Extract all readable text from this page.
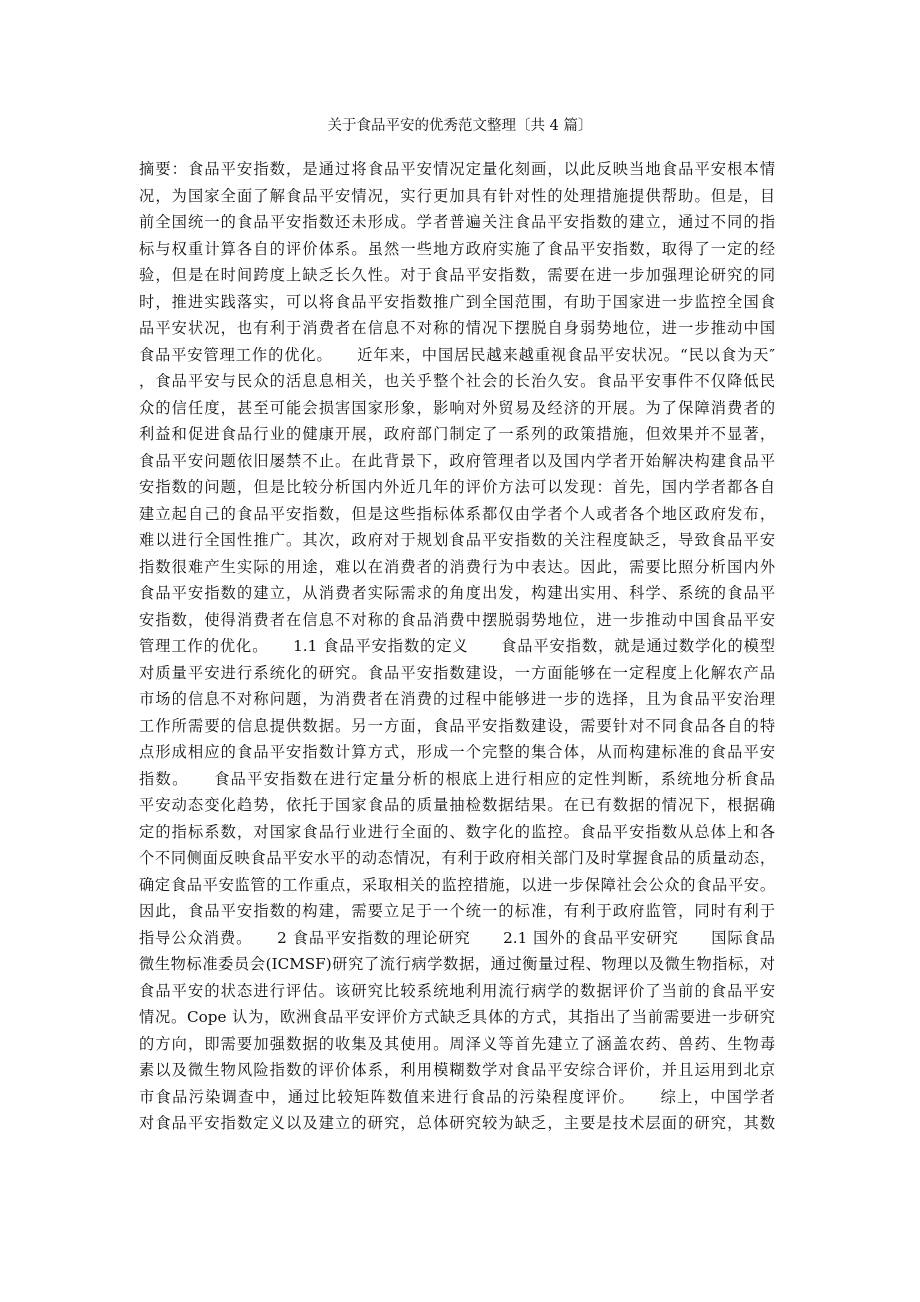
关于食品平安的优秀范文整理〔共 4 篇〕
摘要：食品平安指数，是通过将食品平安情况定量化刻画，以此反映当地食品平安根本情
况，为国家全面了解食品平安情况，实行更加具有针对性的处理措施提供帮助。但是，目
前全国统一的食品平安指数还未形成。学者普遍关注食品平安指数的建立，通过不同的指
标与权重计算各自的评价体系。虽然一些地方政府实施了食品平安指数，取得了一定的经
验，但是在时间跨度上缺乏长久性。对于食品平安指数，需要在进一步加强理论研究的同
时，推进实践落实，可以将食品平安指数推广到全国范围，有助于国家进一步监控全国食
品平安状况，也有利于消费者在信息不对称的情况下摆脱自身弱势地位，进一步推动中国
食品平安管理工作的优化。　　近年来，中国居民越来越重视食品平安状况。“民以食为天″
，食品平安与民众的活息息相关，也关乎整个社会的长治久安。食品平安事件不仅降低民
众的信任度，甚至可能会损害国家形象，影响对外贸易及经济的开展。为了保障消费者的
利益和促进食品行业的健康开展，政府部门制定了一系列的政策措施，但效果并不显著，
食品平安问题依旧屡禁不止。在此背景下，政府管理者以及国内学者开始解决构建食品平
安指数的问题，但是比较分析国内外近几年的评价方法可以发现：首先，国内学者都各自
建立起自己的食品平安指数，但是这些指标体系都仅由学者个人或者各个地区政府发布，
难以进行全国性推广。其次，政府对于规划食品平安指数的关注程度缺乏，导致食品平安
指数很难产生实际的用途，难以在消费者的消费行为中表达。因此，需要比照分析国内外
食品平安指数的建立，从消费者实际需求的角度出发，构建出实用、科学、系统的食品平
安指数，使得消费者在信息不对称的食品消费中摆脱弱势地位，进一步推动中国食品平安
管理工作的优化。　　1.1 食品平安指数的定义　　食品平安指数，就是通过数学化的模型
对质量平安进行系统化的研究。食品平安指数建设，一方面能够在一定程度上化解农产品
市场的信息不对称问题，为消费者在消费的过程中能够进一步的选择，且为食品平安治理
工作所需要的信息提供数据。另一方面，食品平安指数建设，需要针对不同食品各自的特
点形成相应的食品平安指数计算方式，形成一个完整的集合体，从而构建标准的食品平安
指数。　　食品平安指数在进行定量分析的根底上进行相应的定性判断，系统地分析食品
平安动态变化趋势，依托于国家食品的质量抽检数据结果。在已有数据的情况下，根据确
定的指标系数，对国家食品行业进行全面的、数字化的监控。食品平安指数从总体上和各
个不同侧面反映食品平安水平的动态情况，有利于政府相关部门及时掌握食品的质量动态，
确定食品平安监管的工作重点，采取相关的监控措施，以进一步保障社会公众的食品平安。
因此，食品平安指数的构建，需要立足于一个统一的标准，有利于政府监管，同时有利于
指导公众消费。　　2 食品平安指数的理论研究　　2.1 国外的食品平安研究　　国际食品
微生物标准委员会(ICMSF)研究了流行病学数据，通过衡量过程、物理以及微生物指标，对
食品平安的状态进行评估。该研究比较系统地利用流行病学的数据评价了当前的食品平安
情况。Cope 认为，欧洲食品平安评价方式缺乏具体的方式，其指出了当前需要进一步研究
的方向，即需要加强数据的收集及其使用。周泽义等首先建立了涵盖农药、兽药、生物毒
素以及微生物风险指数的评价体系，利用模糊数学对食品平安综合评价，并且运用到北京
市食品污染调查中，通过比较矩阵数值来进行食品的污染程度评价。　　综上，中国学者
对食品平安指数定义以及建立的研究，总体研究较为缺乏，主要是技术层面的研究，其数
